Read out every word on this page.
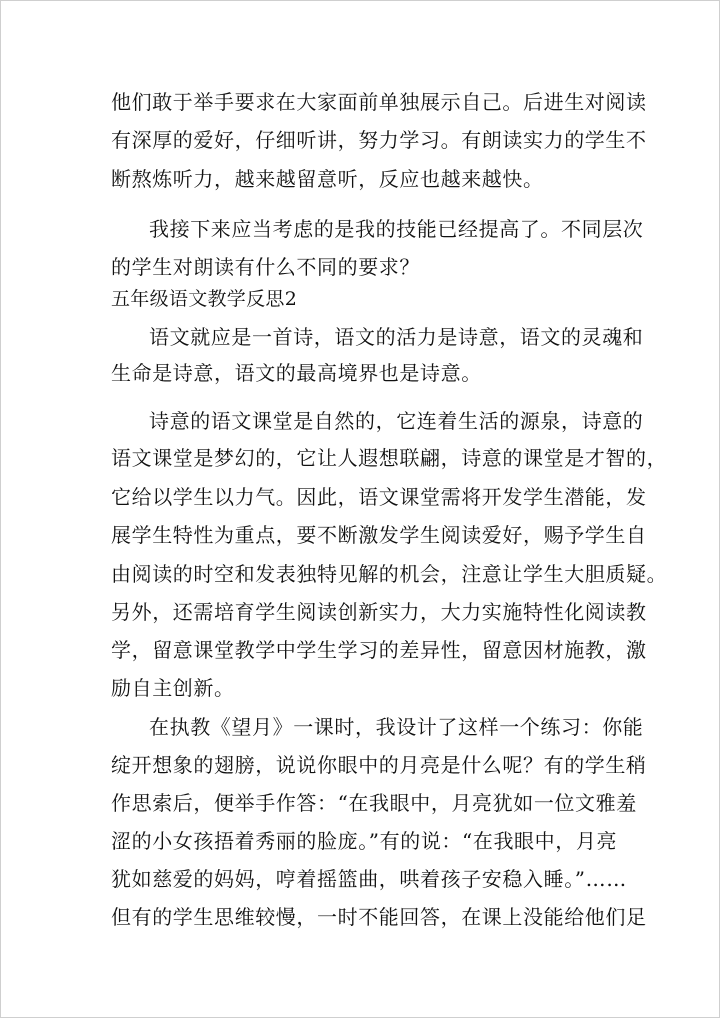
他们敢于举手要求在大家面前单独展示自己。后进生对阅读
有深厚的爱好，仔细听讲，努力学习。有朗读实力的学生不
断熬炼听力，越来越留意听，反应也越来越快。
我接下来应当考虑的是我的技能已经提高了。不同层次
的学生对朗读有什么不同的要求？
五年级语文教学反思2
语文就应是一首诗，语文的活力是诗意，语文的灵魂和
生命是诗意，语文的最高境界也是诗意。
诗意的语文课堂是自然的，它连着生活的源泉，诗意的
语文课堂是梦幻的，它让人遐想联翩，诗意的课堂是才智的，
它给以学生以力气。因此，语文课堂需将开发学生潜能，发
展学生特性为重点，要不断激发学生阅读爱好，赐予学生自
由阅读的时空和发表独特见解的机会，注意让学生大胆质疑。
另外，还需培育学生阅读创新实力，大力实施特性化阅读教
学，留意课堂教学中学生学习的差异性，留意因材施教，激
励自主创新。
在执教《望月》一课时，我设计了这样一个练习：你能
绽开想象的翅膀，说说你眼中的月亮是什么呢？有的学生稍
作思索后，便举手作答：“在我眼中，月亮犹如一位文雅羞
涩的小女孩捂着秀丽的脸庞。”有的说：“在我眼中，月亮
犹如慈爱的妈妈，哼着摇篮曲，哄着孩子安稳入睡。”……
但有的学生思维较慢，一时不能回答，在课上没能给他们足
